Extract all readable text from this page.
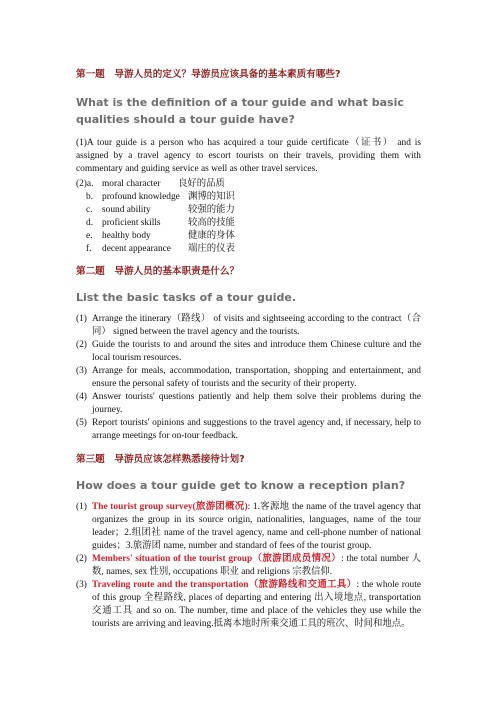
第一题　导游人员的定义？导游员应该具备的基本素质有哪些?
What is the definition of a tour guide and what basic qualities should a tour guide have?
(1)A tour guide is a person who has acquired a tour guide certificate（证书） and is assigned by a travel agency to escort tourists on their travels, providing them with commentary and guiding service as well as other travel services.
(2)a. moral character 良好的品质
b. profound knowledge 渊博的知识
c. sound ability	较强的能力
d. proficient skills	较高的技能
e. healthy body	健康的身体
f. decent appearance 端庄的仪表
第二题　导游人员的基本职责是什么？
List the basic tasks of a tour guide.
(1) Arrange the itinerary（路线） of visits and sightseeing according to the contract（合同） signed between the travel agency and the tourists.
(2) Guide the tourists to and around the sites and introduce them Chinese culture and the local tourism resources.
(3) Arrange for meals, accommodation, transportation, shopping and entertainment, and ensure the personal safety of tourists and the security of their property.
(4) Answer tourists' questions patiently and help them solve their problems during the journey.
(5) Report tourists' opinions and suggestions to the travel agency and, if necessary, help to arrange meetings for on-tour feedback.
第三题　导游员应该怎样熟悉接待计划?
How does a tour guide get to know a reception plan?
(1) The tourist group survey(旅游团概况): 1.客源地 the name of the travel agency that organizes the group in its source origin, nationalities, languages, name of the tour leader；2.组团社 name of the travel agency, name and cell-phone number of national guides；3.旅游团 name, number and standard of fees of the tourist group.
(2) Members' situation of the tourist group（旅游团成员情况）: the total number 人数, names, sex 性别, occupations 职业 and religions 宗教信仰.
(3) Traveling route and the transportation（旅游路线和交通工具）: the whole route of this group 全程路线, places of departing and entering 出入境地点, transportation 交通工具 and so on. The number, time and place of the vehicles they use while the tourists are arriving and leaving.抵离本地时所乘交通工具的班次、时间和地点。
